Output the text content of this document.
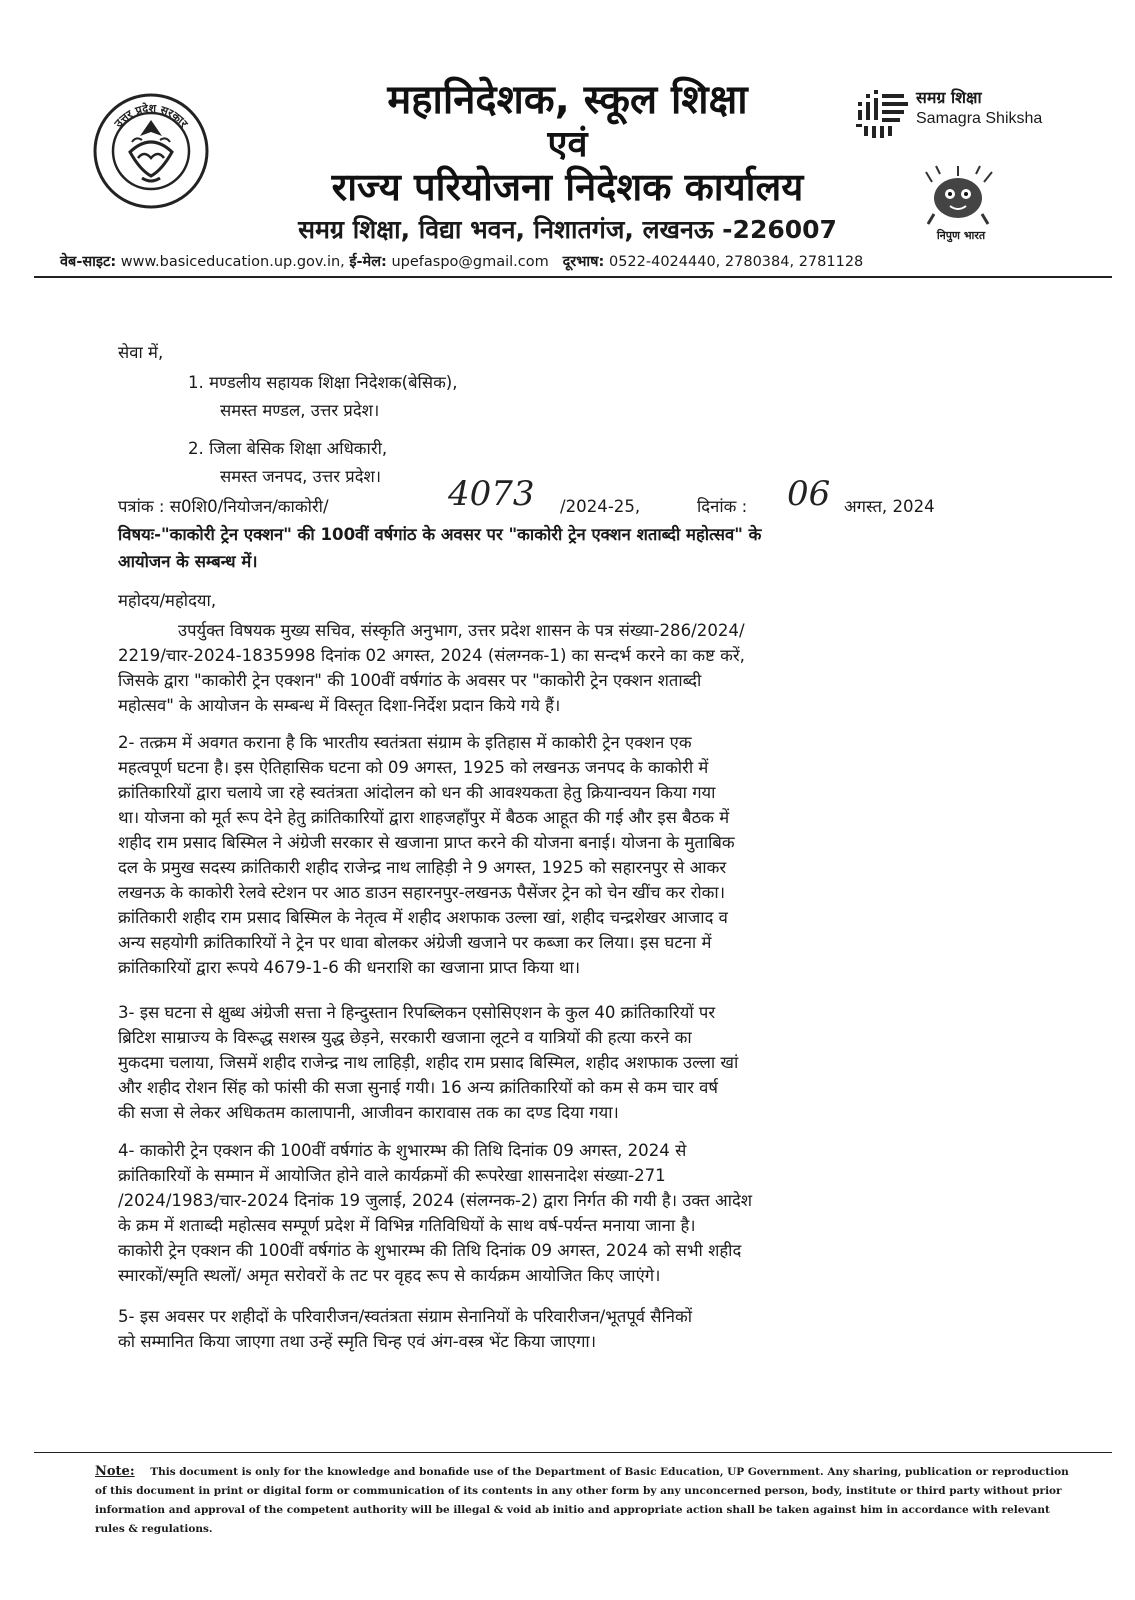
उत्तर प्रदेश सरकार
महानिदेशक, स्कूल शिक्षा
एवं
राज्य परियोजना निदेशक कार्यालय
समग्र शिक्षा, विद्या भवन, निशातगंज, लखनऊ -226007
समग्र शिक्षा
Samagra Shiksha
निपुण भारत
वेब-साइट: www.basiceducation.up.gov.in, ई-मेल: upefaspo@gmail.com दूरभाष: 0522-4024440, 2780384, 2781128
सेवा में,
1. मण्डलीय सहायक शिक्षा निदेशक(बेसिक),
समस्त मण्डल, उत्तर प्रदेश।
2. जिला बेसिक शिक्षा अधिकारी,
समस्त जनपद, उत्तर प्रदेश।
पत्रांक : स0शि0/नियोजन/काकोरी/	4073 /2024-25,	दिनांक : 06 अगस्त, 2024
विषयः-"काकोरी ट्रेन एक्शन" की 100वीं वर्षगांठ के अवसर पर "काकोरी ट्रेन एक्शन शताब्दी महोत्सव" के
आयोजन के सम्बन्ध में।
महोदय/महोदया,
उपर्युक्त विषयक मुख्य सचिव, संस्कृति अनुभाग, उत्तर प्रदेश शासन के पत्र संख्या-286/2024/
2219/चार-2024-1835998 दिनांक 02 अगस्त, 2024 (संलग्नक-1) का सन्दर्भ करने का कष्ट करें,
जिसके द्वारा "काकोरी ट्रेन एक्शन" की 100वीं वर्षगांठ के अवसर पर "काकोरी ट्रेन एक्शन शताब्दी
महोत्सव" के आयोजन के सम्बन्ध में विस्तृत दिशा-निर्देश प्रदान किये गये हैं।
2- तत्क्रम में अवगत कराना है कि भारतीय स्वतंत्रता संग्राम के इतिहास में काकोरी ट्रेन एक्शन एक
महत्वपूर्ण घटना है। इस ऐतिहासिक घटना को 09 अगस्त, 1925 को लखनऊ जनपद के काकोरी में
क्रांतिकारियों द्वारा चलाये जा रहे स्वतंत्रता आंदोलन को धन की आवश्यकता हेतु क्रियान्वयन किया गया
था। योजना को मूर्त रूप देने हेतु क्रांतिकारियों द्वारा शाहजहाँपुर में बैठक आहूत की गई और इस बैठक में
शहीद राम प्रसाद बिस्मिल ने अंग्रेजी सरकार से खजाना प्राप्त करने की योजना बनाई। योजना के मुताबिक
दल के प्रमुख सदस्य क्रांतिकारी शहीद राजेन्द्र नाथ लाहिड़ी ने 9 अगस्त, 1925 को सहारनपुर से आकर
लखनऊ के काकोरी रेलवे स्टेशन पर आठ डाउन सहारनपुर-लखनऊ पैसेंजर ट्रेन को चेन खींच कर रोका।
क्रांतिकारी शहीद राम प्रसाद बिस्मिल के नेतृत्व में शहीद अशफाक उल्ला खां, शहीद चन्द्रशेखर आजाद व
अन्य सहयोगी क्रांतिकारियों ने ट्रेन पर धावा बोलकर अंग्रेजी खजाने पर कब्जा कर लिया। इस घटना में
क्रांतिकारियों द्वारा रूपये 4679-1-6 की धनराशि का खजाना प्राप्त किया था।
3- इस घटना से क्षुब्ध अंग्रेजी सत्ता ने हिन्दुस्तान रिपब्लिकन एसोसिएशन के कुल 40 क्रांतिकारियों पर
ब्रिटिश साम्राज्य के विरूद्ध सशस्त्र युद्ध छेड़ने, सरकारी खजाना लूटने व यात्रियों की हत्या करने का
मुकदमा चलाया, जिसमें शहीद राजेन्द्र नाथ लाहिड़ी, शहीद राम प्रसाद बिस्मिल, शहीद अशफाक उल्ला खां
और शहीद रोशन सिंह को फांसी की सजा सुनाई गयी। 16 अन्य क्रांतिकारियों को कम से कम चार वर्ष
की सजा से लेकर अधिकतम कालापानी, आजीवन कारावास तक का दण्ड दिया गया।
4- काकोरी ट्रेन एक्शन की 100वीं वर्षगांठ के शुभारम्भ की तिथि दिनांक 09 अगस्त, 2024 से
क्रांतिकारियों के सम्मान में आयोजित होने वाले कार्यक्रमों की रूपरेखा शासनादेश संख्या-271
/2024/1983/चार-2024 दिनांक 19 जुलाई, 2024 (संलग्नक-2) द्वारा निर्गत की गयी है। उक्त आदेश
के क्रम में शताब्दी महोत्सव सम्पूर्ण प्रदेश में विभिन्न गतिविधियों के साथ वर्ष-पर्यन्त मनाया जाना है।
काकोरी ट्रेन एक्शन की 100वीं वर्षगांठ के शुभारम्भ की तिथि दिनांक 09 अगस्त, 2024 को सभी शहीद
स्मारकों/स्मृति स्थलों/ अमृत सरोवरों के तट पर वृहद रूप से कार्यक्रम आयोजित किए जाएंगे।
5- इस अवसर पर शहीदों के परिवारीजन/स्वतंत्रता संग्राम सेनानियों के परिवारीजन/भूतपूर्व सैनिकों
को सम्मानित किया जाएगा तथा उन्हें स्मृति चिन्ह एवं अंग-वस्त्र भेंट किया जाएगा।
Note: This document is only for the knowledge and bonafide use of the Department of Basic Education, UP Government. Any sharing, publication or reproduction of this document in print or digital form or communication of its contents in any other form by any unconcerned person, body, institute or third party without prior information and approval of the competent authority will be illegal & void ab initio and appropriate action shall be taken against him in accordance with relevant rules & regulations.
